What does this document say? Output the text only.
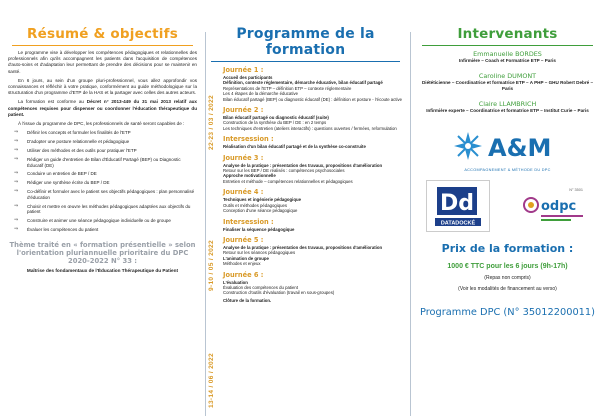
Résumé & objectifs

Le programme vise à développer les compétences pédagogiques et relationnelles des professionnels afin qu'ils accompagnent les patients dans l'acquisition de compétences d'auto-soins et d'adaptation leur permettant de prendre des décisions pour se maintenir en santé.

En 6 jours, au sein d'un groupe pluri-professionnel, vous allez approfondir vos connaissances et réfléchir à votre pratique, conformément au guide méthodologique sur la structuration d'un programme d'ETP de la HAS et la partager avec celles des autres acteurs.

La formation est conforme au Décret n° 2013-449 du 31 mai 2013 relatif aux compétences requises pour dispenser ou coordonner l'éducation thérapeutique du patient.

À l'issue du programme de DPC, les professionnels de santé seront capables de :

⇒	Définir les concepts et formuler les finalités de l'ETP
⇒	D'adopter une posture relationnelle et pédagogique
⇒	Utiliser des méthodes et des outils pour pratiquer l'ETP
⇒	Rédiger un guide d'entretien de Bilan d'Éducatif Partagé (BEP) ou Diagnostic Éducatif (DE)
⇒	Conduire un entretien de BEP / DE
⇒	Rédiger une synthèse écrite du BEP / DE
⇒	Co-définir et formuler avec le patient ses objectifs pédagogiques : plan personnalisé d'éducation
⇒	Choisir et mettre en œuvre les méthodes pédagogiques adaptées aux objectifs du patient
⇒	Construire et animer une séance pédagogique individuelle ou de groupe
⇒	Évaluer les compétences du patient
Thème traité en « formation présentielle » selon l'orientation pluriannuelle prioritaire du DPC 2020-2022 N° 33 :
Maîtrise des fondamentaux de l'Éducation Thérapeutique du Patient
Programme de la formation
22-23 / 03 / 2022
9-10 / 05 / 2022
13-14 / 06 / 2022
Journée 1 :
Accueil des participants
Définition, contexte réglementaire, démarche éducative, bilan éducatif partagé
Représentations de l'ETP – définition ETP – contexte réglementaire
Les 4 étapes de la démarche éducative
Bilan éducatif partagé (BEP) ou diagnostic éducatif (DE) : définition et posture - l'écoute active
Journée 2 :
Bilan éducatif partagé ou diagnostic éducatif (suite)
Construction de la synthèse du BEP / DE : en 2 temps
Les techniques d'entretien (ateliers interactifs) : questions ouvertes / fermées, reformulation
Intersession :
Réalisation d'un bilan éducatif partagé et de la synthèse co-construite
Journée 3 :
Analyse de la pratique : présentation des travaux, propositions d'amélioration
Retour sur les BEP / DE réalisés : compétences psychosociales
Approche motivationnelle
Entretien et méthode – compétences relationnelles et pédagogiques
Journée 4 :
Techniques et ingénierie pédagogique
Outils et méthodes pédagogiques
Conception d'une séance pédagogique
Intersession :
Finaliser la séquence pédagogique
Journée 5 :
Analyse de la pratique : présentation des travaux, propositions d'amélioration
Retour sur les séances pédagogiques
L'animation de groupe
Méthodes et enjeux
Journée 6 :
L'évaluation
Évaluation des compétences du patient
Construction d'outils d'évaluation (travail en sous-groupes)
Clôture de la formation.
Intervenants
Emmanuelle BORDES
Infirmière – Coach et Formatrice ETP – Paris
Caroline DUMONT
Diététicienne – Coordinatrice et formatrice ETP – A PHP – GHU Robert Debré – Paris
Claire LLAMBRICH
Infirmière experte – Coordinatrice et formatrice ETP – Institut Curie – Paris
A&M
ACCOMPAGNEMENT & MÉTHODE DU DPC
Dd
DATADOCKÉ
N° 3501
odpc
Prix de la formation :
1000 € TTC pour les 6 jours (9h-17h)
(Repas non compris)
(Voir les modalités de financement au verso)
Programme DPC (N° 35012200011)
